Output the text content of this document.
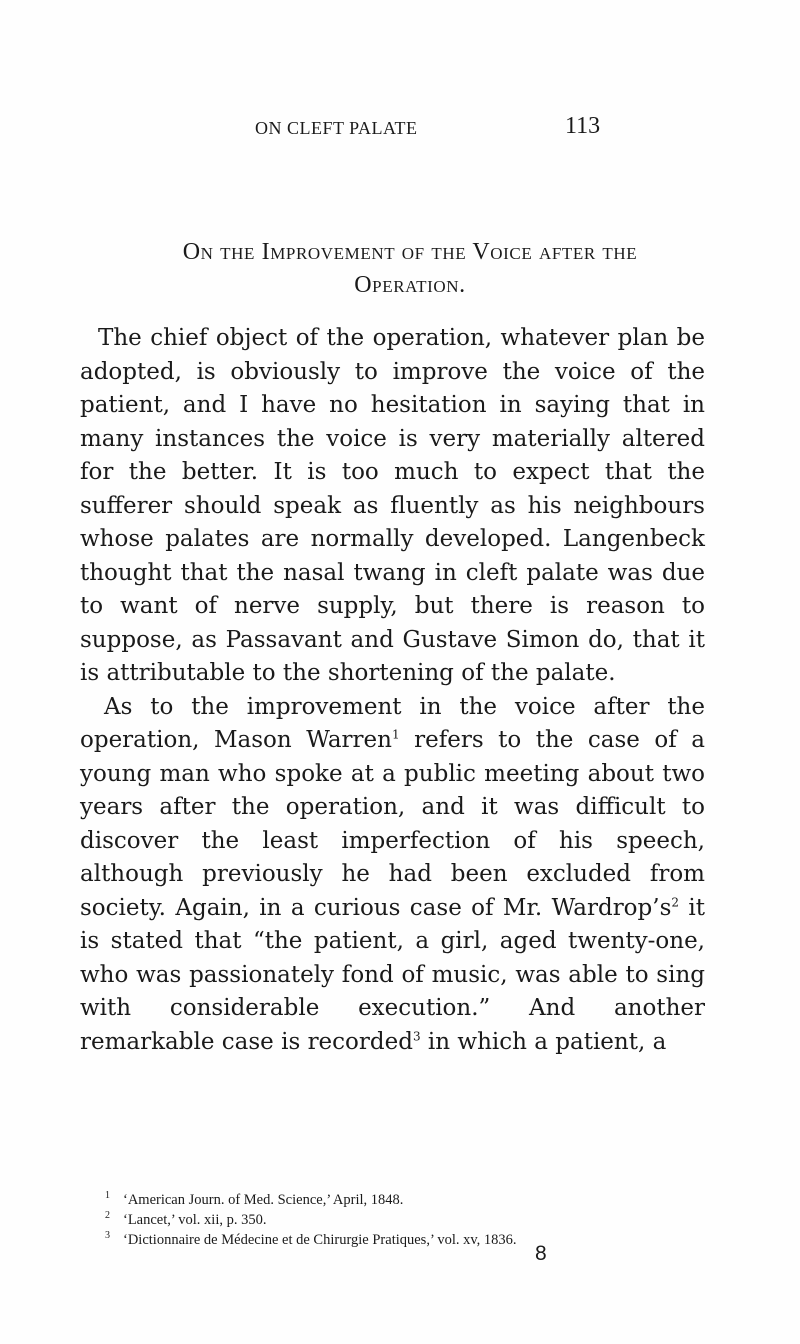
ON CLEFT PALATE	113
On the Improvement of the Voice after the
Operation.

The chief object of the operation, whatever plan be adopted, is obviously to improve the voice of the patient, and I have no hesitation in saying that in many instances the voice is very materially altered for the better. It is too much to expect that the sufferer should speak as fluently as his neighbours whose palates are normally developed. Langenbeck thought that the nasal twang in cleft palate was due to want of nerve supply, but there is reason to suppose, as Passavant and Gustave Simon do, that it is attributable to the shortening of the palate.

As to the improvement in the voice after the operation, Mason Warren$^1$ refers to the case of a young man who spoke at a public meeting about two years after the operation, and it was difficult to discover the least imperfection of his speech, although previously he had been excluded from society. Again, in a curious case of Mr. $Wardrop’s^2$ it is stated that “the patient, a girl, aged twenty-one, who was passionately fond of music, was able to sing with considerable execution.” And another remarkable case is recorded$^3$ in which a patient, a

1 ‘American Journ. of Med. Science,’ April, 1848.
2 ‘Lancet,’ vol. xii, p. 350.
3 ‘Dictionnaire de Médecine et de Chirurgie Pratiques,’ vol. xv, 1836.
8
